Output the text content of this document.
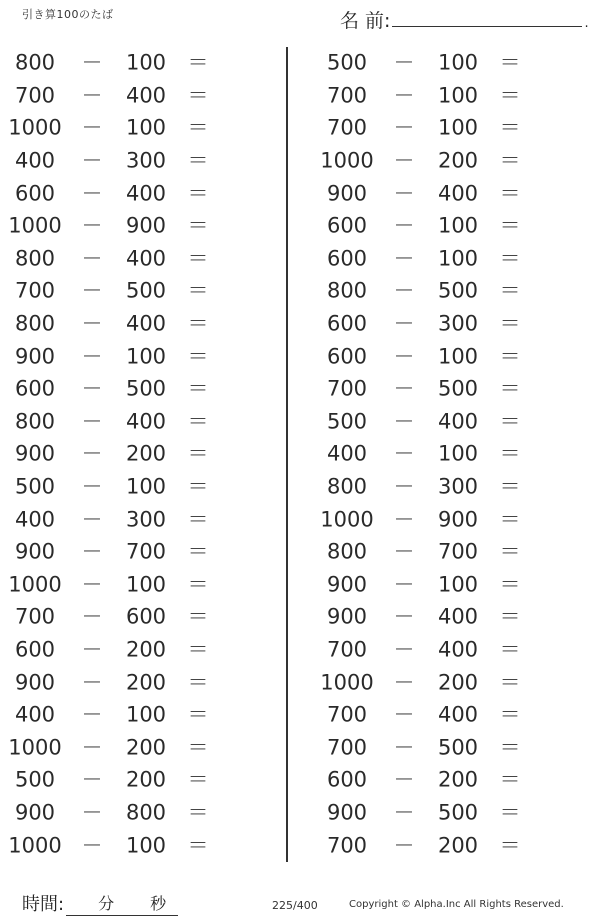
引き算100のたば	名 前:	.
800	－	100	＝
700	－	400	＝
1000 －	100	＝
400	－	300	＝
600	－	400	＝
1000 －	900	＝
800	－	400	＝
700	－	500	＝
800	－	400	＝
900	－	100	＝
600	－	500	＝
800	－	400	＝
900	－	200	＝
500	－	100	＝
400	－	300	＝
900	－	700	＝
1000 －	100	＝
700	－	600	＝
600	－	200	＝
900	－	200	＝
400	－	100	＝
1000 －	200	＝
500	－	200	＝
900	－	800	＝
1000 －	100	＝
500	－	100	＝
700	－	100	＝
700	－	100	＝
1000 －	200	＝
900	－	400	＝
600	－	100	＝
600	－	100	＝
800	－	500	＝
600	－	300	＝
600	－	100	＝
700	－	500	＝
500	－	400	＝
400	－	100	＝
800	－	300	＝
1000 －	900	＝
800	－	700	＝
900	－	100	＝
900	－	400	＝
700	－	400	＝
1000 －	200	＝
700	－	400	＝
700	－	500	＝
600	－	200	＝
900	－	500	＝
700	－	200	＝
時間: 分 秒	225/400	Copyright © Alpha.Inc All Rights Reserved.
